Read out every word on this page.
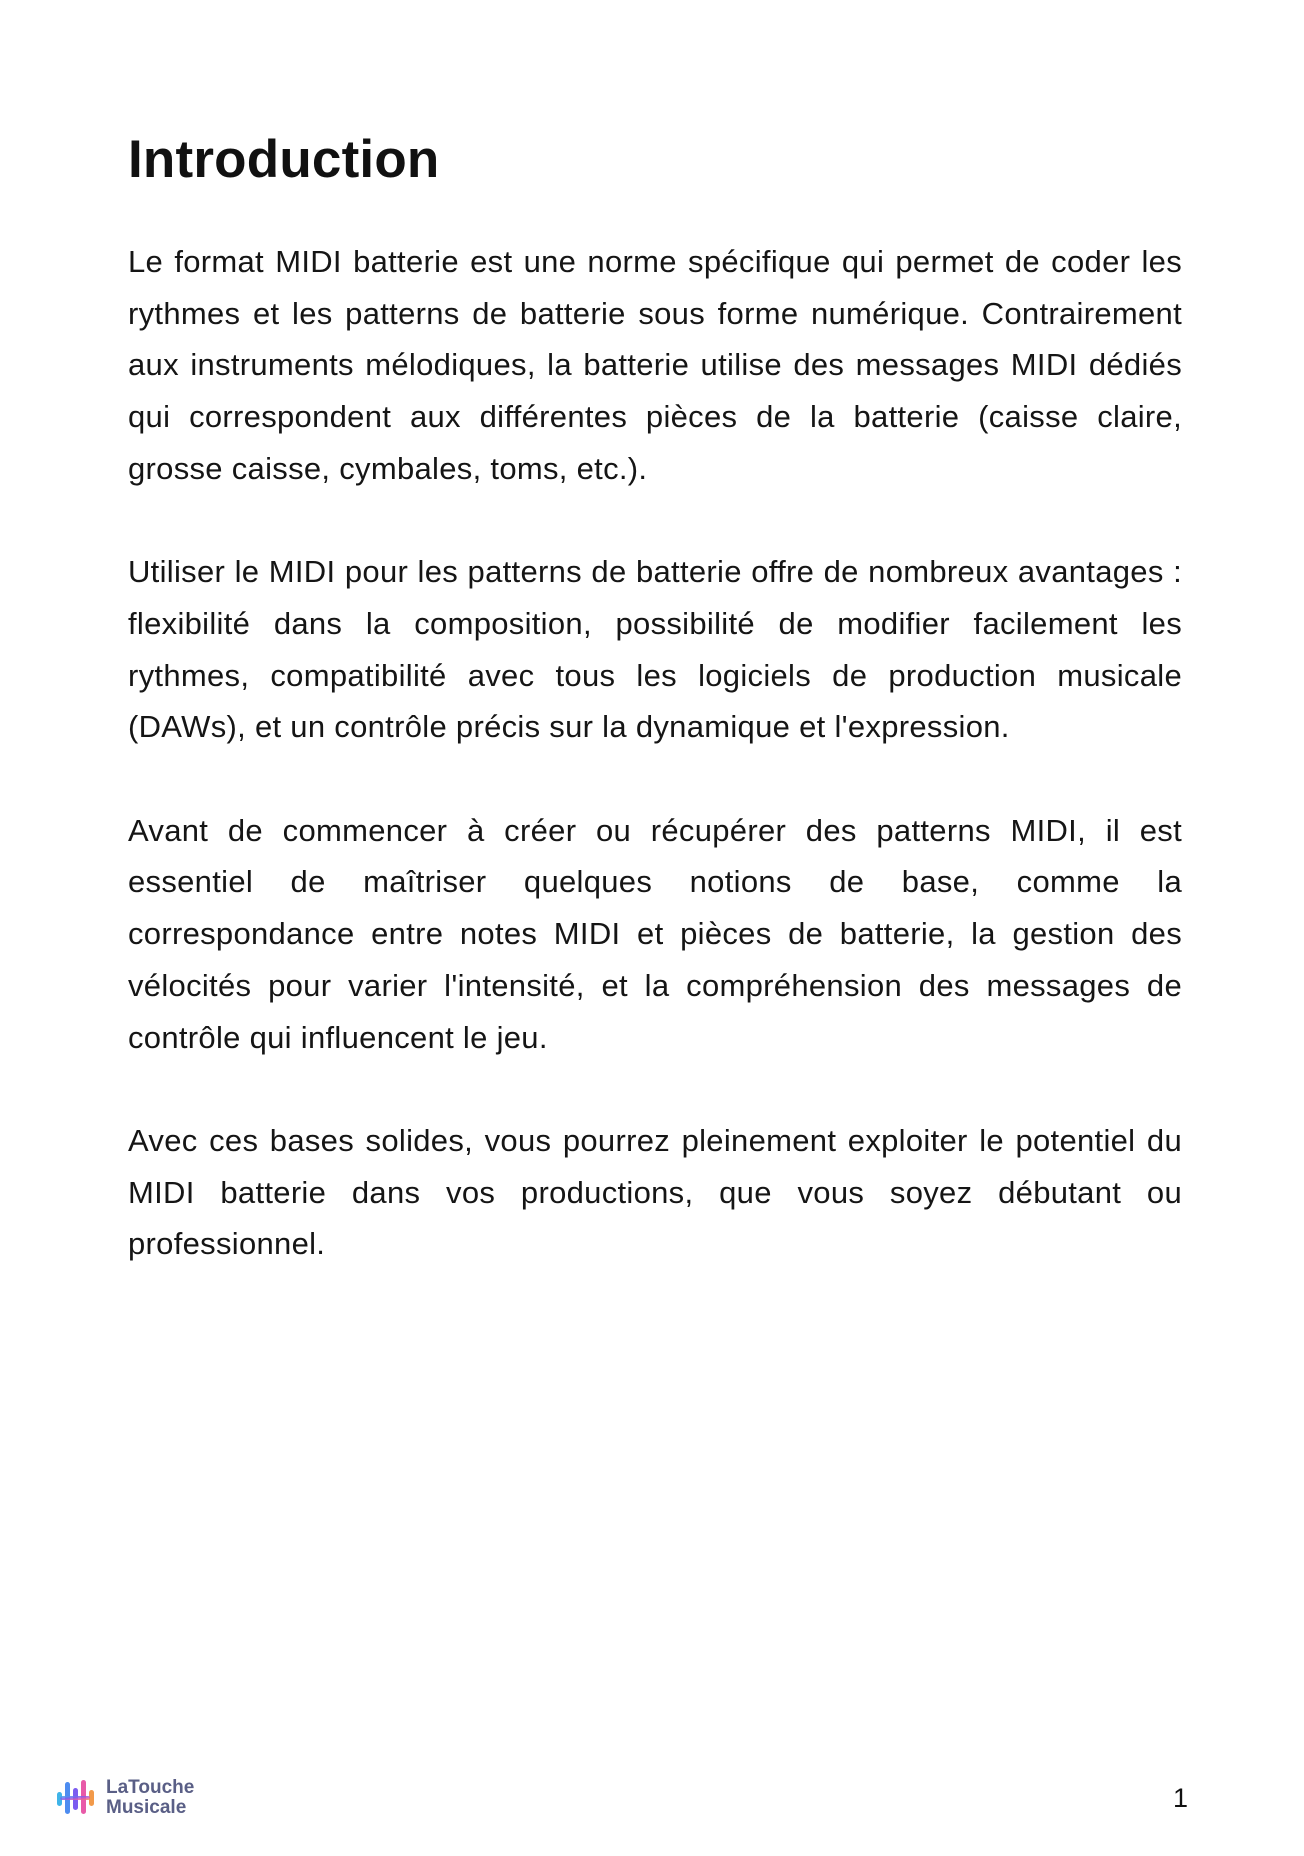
Introduction

Le format MIDI batterie est une norme spécifique qui permet de coder les rythmes et les patterns de batterie sous forme numérique. Contrairement aux instruments mélodiques, la batterie utilise des messages MIDI dédiés qui correspondent aux différentes pièces de la batterie (caisse claire, grosse caisse, cymbales, toms, etc.).

Utiliser le MIDI pour les patterns de batterie offre de nombreux avantages : flexibilité dans la composition, possibilité de modifier facilement les rythmes, compatibilité avec tous les logiciels de production musicale (DAWs), et un contrôle précis sur la dynamique et l'expression.

Avant de commencer à créer ou récupérer des patterns MIDI, il est essentiel de maîtriser quelques notions de base, comme la correspondance entre notes MIDI et pièces de batterie, la gestion des vélocités pour varier l'intensité, et la compréhension des messages de contrôle qui influencent le jeu.

Avec ces bases solides, vous pourrez pleinement exploiter le potentiel du MIDI batterie dans vos productions, que vous soyez débutant ou professionnel.

LaTouche
Musicale	1
